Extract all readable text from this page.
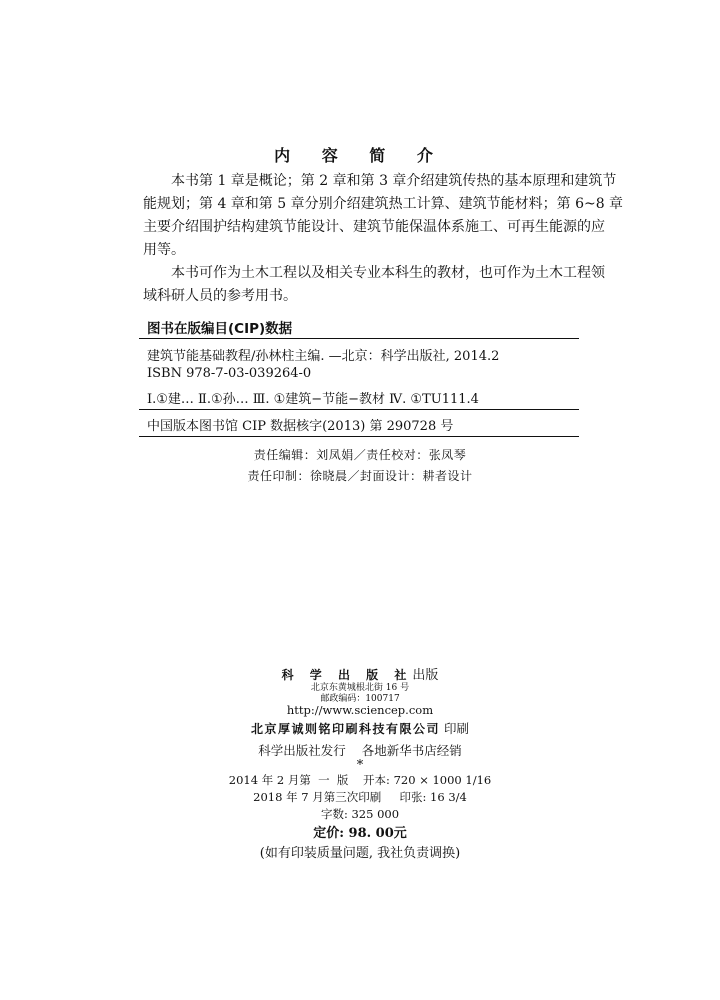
内 容 简 介
本书第 1 章是概论；第 2 章和第 3 章介绍建筑传热的基本原理和建筑节
能规划；第 4 章和第 5 章分别介绍建筑热工计算、建筑节能材料；第 6~8 章
主要介绍围护结构建筑节能设计、建筑节能保温体系施工、可再生能源的应
用等。
本书可作为土木工程以及相关专业本科生的教材，也可作为土木工程领
域科研人员的参考用书。
图书在版编目(CIP)数据
建筑节能基础教程/孙林柱主编. —北京：科学出版社, 2014.2
ISBN 978-7-03-039264-0
Ⅰ.①建… Ⅱ.①孙… Ⅲ. ①建筑−节能−教材 Ⅳ. ①TU111.4
中国版本图书馆 CIP 数据核字(2013) 第 290728 号
责任编辑：刘凤娟／责任校对：张凤琴
责任印制：徐晓晨／封面设计：耕者设计
科 学 出 版 社出版
北京东黄城根北街 16 号
邮政编码：100717
http://www.sciencep.com
北京厚诚则铭印刷科技有限公司 印刷
科学出版社发行    各地新华书店经销
*
2014 年 2 月第  一  版    开本: 720 × 1000 1/16
2018 年 7 月第三次印刷     印张: 16 3/4
字数: 325 000
定价: 98. 00元
(如有印装质量问题, 我社负责调换)
